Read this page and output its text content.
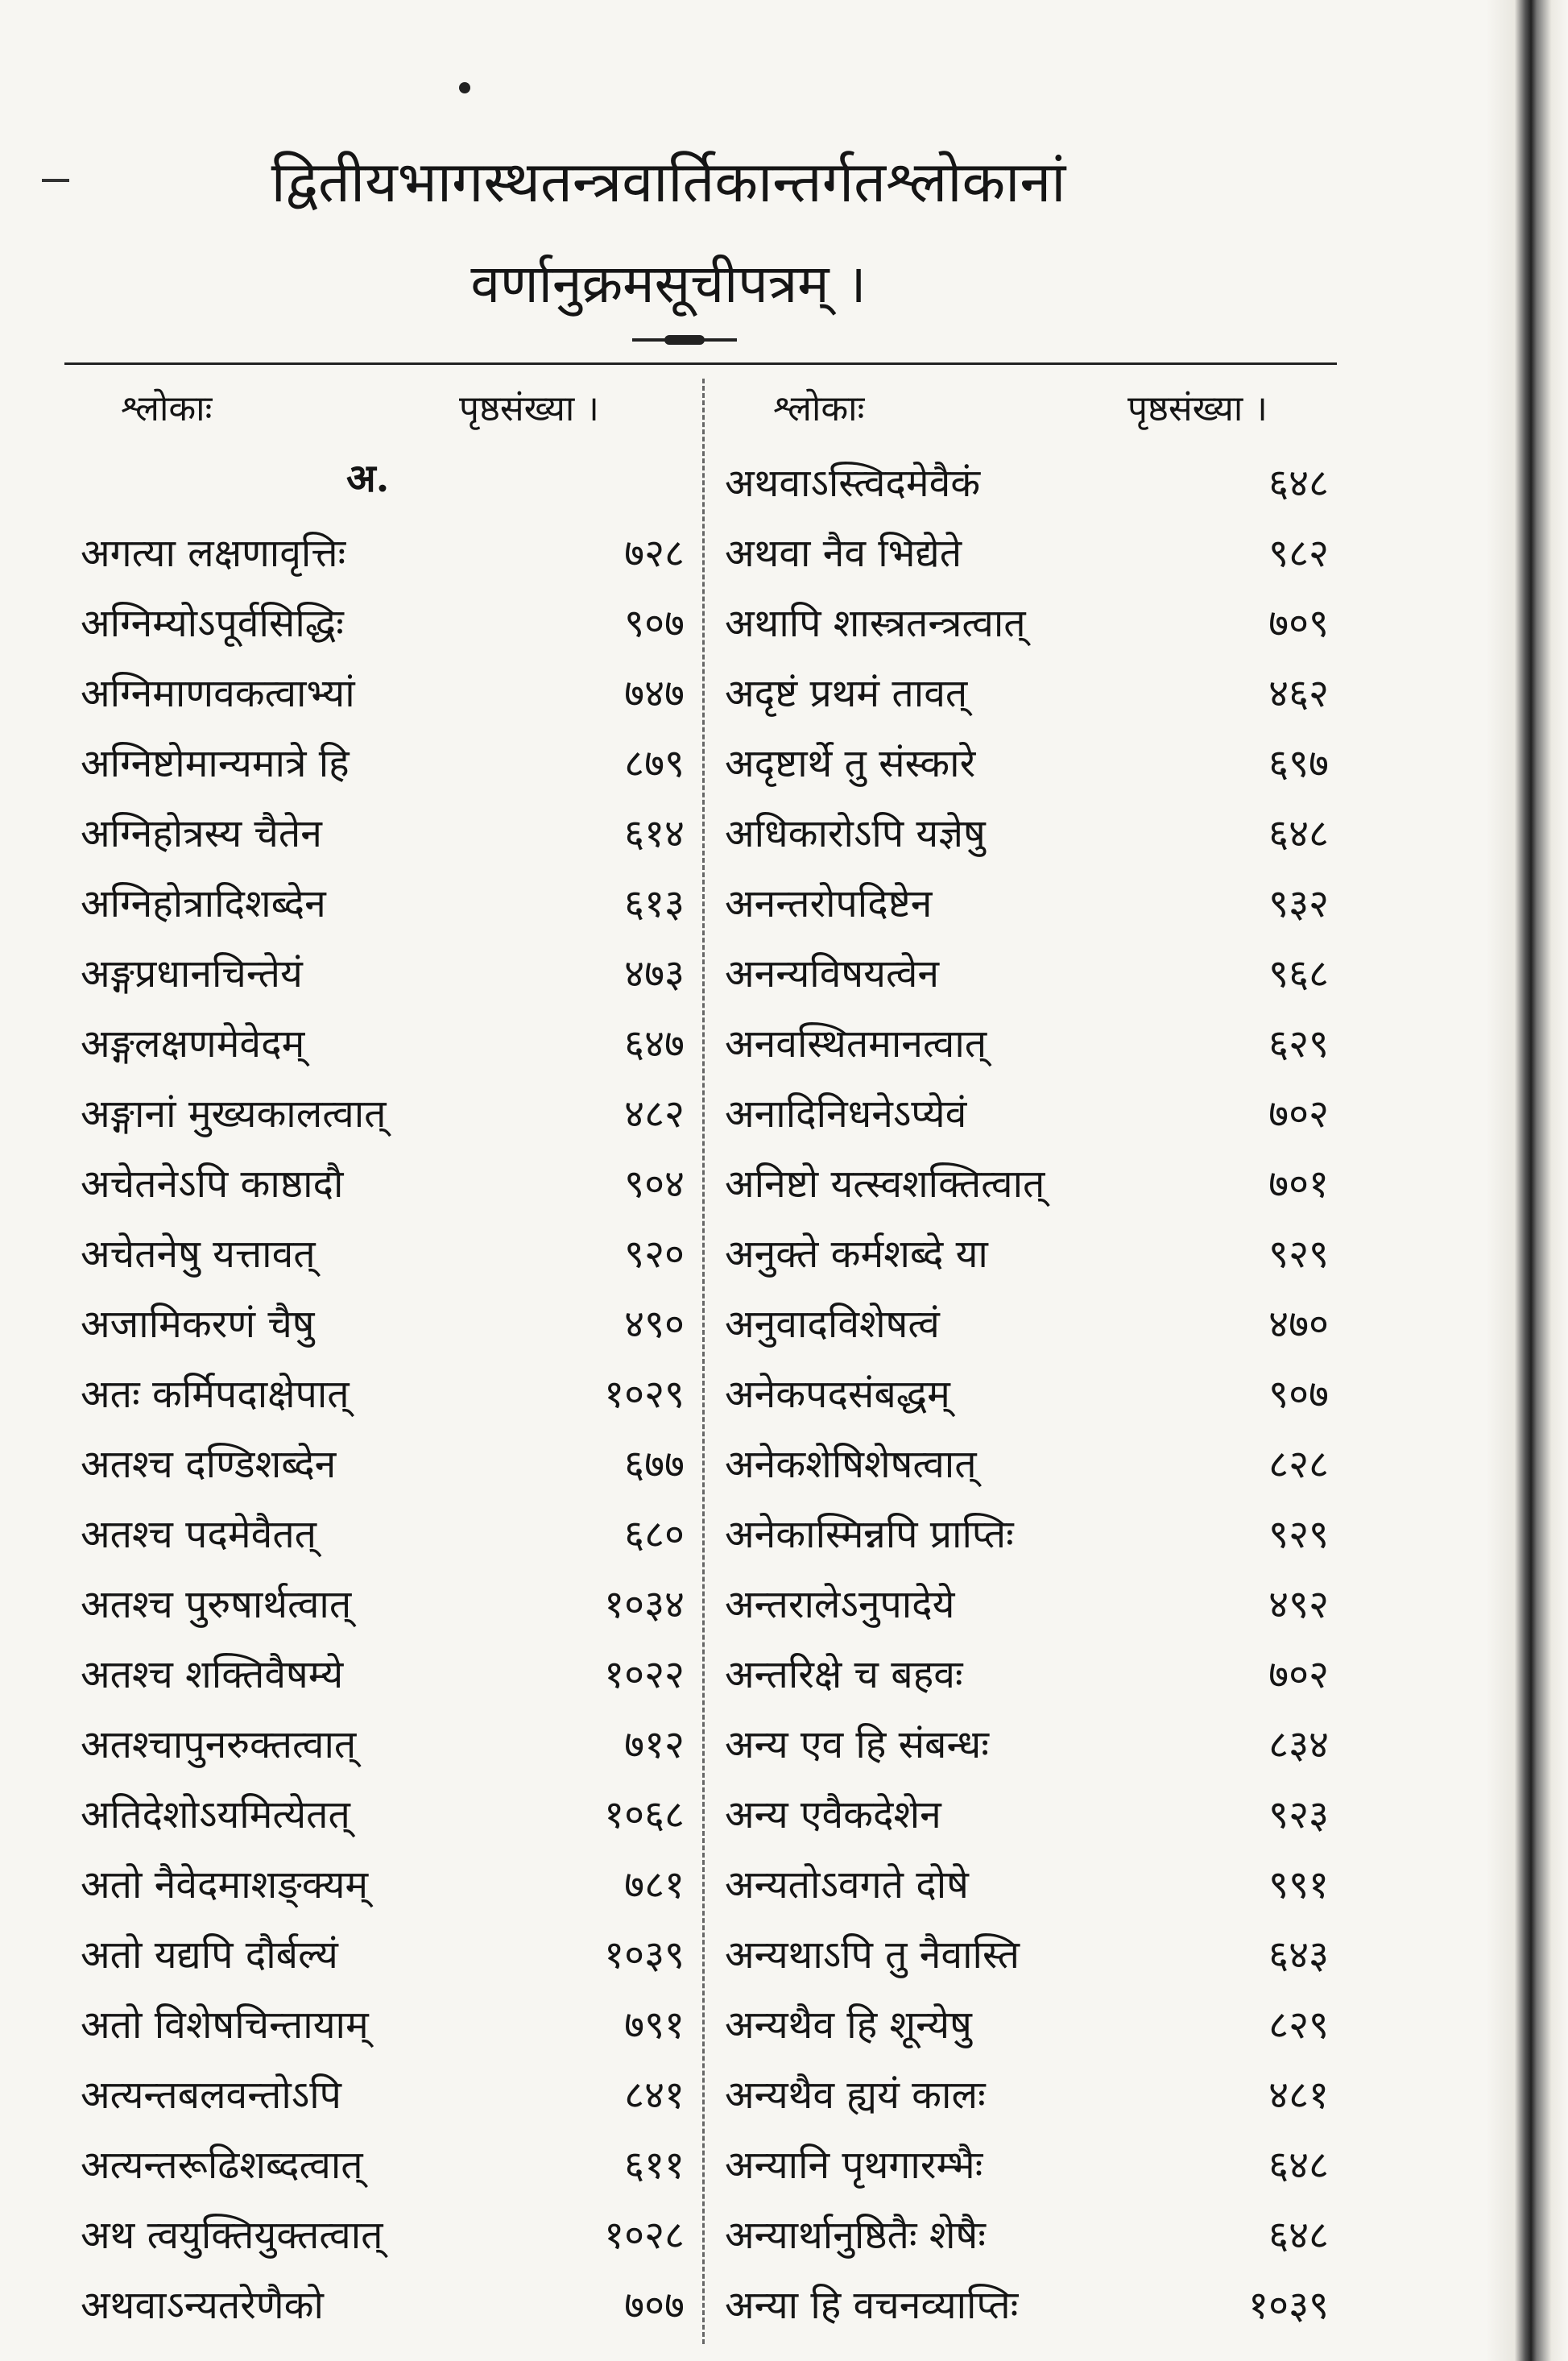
द्वितीयभागस्थतन्त्रवार्तिकान्तर्गतश्लोकानां
वर्णानुक्रमसूचीपत्रम् ।
श्लोकाः	पृष्ठसंख्या ।	श्लोकाः	पृष्ठसंख्या ।
अ.
अगत्या लक्षणावृत्तिः	७२८
अग्निम्योऽपूर्वसिद्धिः	९०७
अग्निमाणवकत्वाभ्यां	७४७
अग्निष्टोमान्यमात्रे हि	८७९
अग्निहोत्रस्य चैतेन	६१४
अग्निहोत्रादिशब्देन	६१३
अङ्गप्रधानचिन्तेयं	४७३
अङ्गलक्षणमेवेदम्	६४७
अङ्गानां मुख्यकालत्वात्	४८२
अचेतनेऽपि काष्ठादौ	९०४
अचेतनेषु यत्तावत्	९२०
अजामिकरणं चैषु	४९०
अतः कर्मिपदाक्षेपात्	१०२९
अतश्च दण्डिशब्देन	६७७
अतश्च पदमेवैतत्	६८०
अतश्च पुरुषार्थत्वात्	१०३४
अतश्च शक्तिवैषम्ये	१०२२
अतश्चापुनरुक्तत्वात्	७१२
अतिदेशोऽयमित्येतत्	१०६८
अतो नैवेदमाशङ्क्यम्	७८१
अतो यद्यपि दौर्बल्यं	१०३९
अतो विशेषचिन्तायाम्	७९१
अत्यन्तबलवन्तोऽपि	८४१
अत्यन्तरूढिशब्दत्वात्	६११
अथ त्वयुक्तियुक्तत्वात्	१०२८
अथवाऽन्यतरेणैको	७०७
अथवाऽस्त्विदमेवैकं	६४८
अथवा नैव भिद्येते	९८२
अथापि शास्त्रतन्त्रत्वात्	७०९
अदृष्टं प्रथमं तावत्	४६२
अदृष्टार्थे तु संस्कारे	६९७
अधिकारोऽपि यज्ञेषु	६४८
अनन्तरोपदिष्टेन	९३२
अनन्यविषयत्वेन	९६८
अनवस्थितमानत्वात्	६२९
अनादिनिधनेऽप्येवं	७०२
अनिष्टो यत्स्वशक्तित्वात्	७०१
अनुक्ते कर्मशब्दे या	९२९
अनुवादविशेषत्वं	४७०
अनेकपदसंबद्धम्	९०७
अनेकशेषिशेषत्वात्	८२८
अनेकास्मिन्नपि प्राप्तिः	९२९
अन्तरालेऽनुपादेये	४९२
अन्तरिक्षे च बहवः	७०२
अन्य एव हि संबन्धः	८३४
अन्य एवैकदेशेन	९२३
अन्यतोऽवगते दोषे	९९१
अन्यथाऽपि तु नैवास्ति	६४३
अन्यथैव हि शून्येषु	८२९
अन्यथैव ह्ययं कालः	४८१
अन्यानि पृथगारम्भैः	६४८
अन्यार्थानुष्ठितैः शेषैः	६४८
अन्या हि वचनव्याप्तिः	१०३९
